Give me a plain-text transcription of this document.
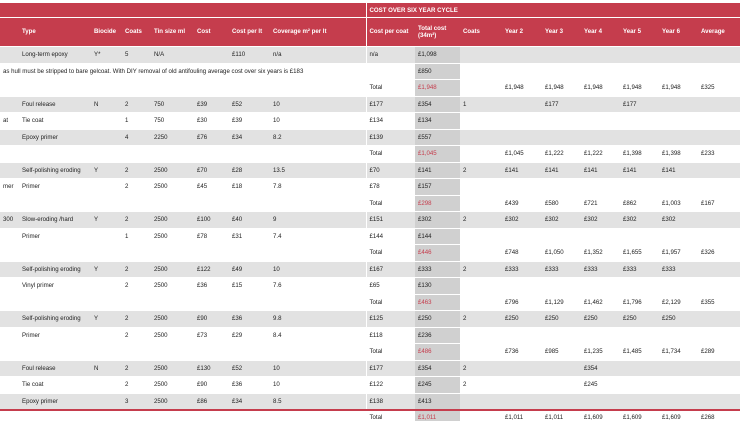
								COST OVER SIX YEAR CYCLE								
	Type	Biocide	Coats	Tin size ml	Cost	Cost per lt	Coverage m² per lt	Cost per coat	Total cost (34m²)	Coats	Year 2	Year 3	Year 4	Year 5	Year 6	Average
	Long-term epoxy	Y*	5	N/A		£110	n/a	n/a	£1,098							
as hull must be stripped to bare gelcoat. With DIY removal of old antifouling average cost over six years is £183									£850							
								Total	£1,948		£1,948	£1,948	£1,948	£1,948	£1,948	£325
	Foul release	N	2	750	£39	£52	10	£177	£354	1		£177		£177		
at	Tie coat		1	750	£30	£39	10	£134	£134							
	Epoxy primer		4	2250	£76	£34	8.2	£139	£557							
								Total	£1,045		£1,045	£1,222	£1,222	£1,398	£1,398	£233
	Self-polishing eroding	Y	2	2500	£70	£28	13.5	£70	£141	2	£141	£141	£141	£141	£141	
mer	Primer		2	2500	£45	£18	7.8	£78	£157							
								Total	£298		£439	£580	£721	£862	£1,003	£167
300	Slow-eroding /hard	Y	2	2500	£100	£40	9	£151	£302	2	£302	£302	£302	£302	£302	
	Primer		1	2500	£78	£31	7.4	£144	£144							
								Total	£446		£748	£1,050	£1,352	£1,655	£1,957	£326
	Self-polishing eroding	Y	2	2500	£122	£49	10	£167	£333	2	£333	£333	£333	£333	£333	
	Vinyl primer		2	2500	£36	£15	7.6	£65	£130							
								Total	£463		£796	£1,129	£1,462	£1,796	£2,129	£355
	Self-polishing eroding	Y	2	2500	£90	£36	9.8	£125	£250	2	£250	£250	£250	£250	£250	
	Primer		2	2500	£73	£29	8.4	£118	£236							
								Total	£486		£736	£985	£1,235	£1,485	£1,734	£289
	Foul release	N	2	2500	£130	£52	10	£177	£354	2			£354			
	Tie coat		2	2500	£90	£36	10	£122	£245	2			£245			
	Epoxy primer		3	2500	£86	£34	8.5	£138	£413							
								Total	£1,011		£1,011	£1,011	£1,609	£1,609	£1,609	£268
